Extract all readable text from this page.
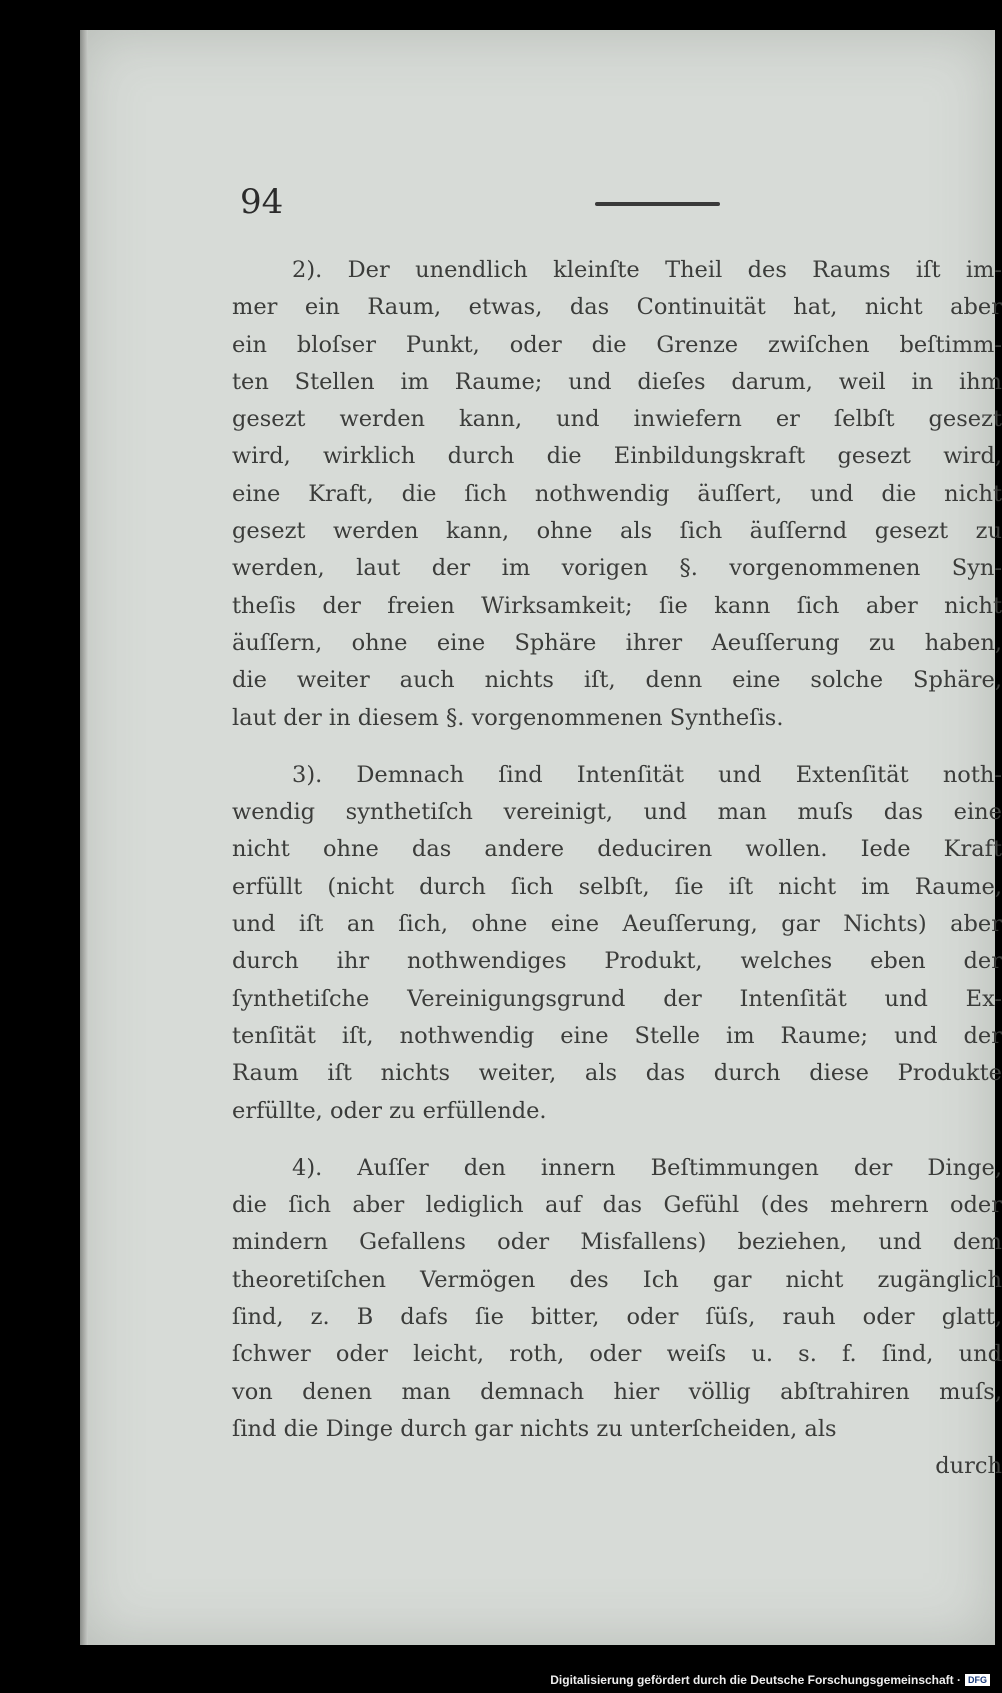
94
2). Der unendlich kleinſte Theil des Raums iſt im-
mer ein Raum, etwas, das Continuität hat, nicht aber
ein bloſser Punkt, oder die Grenze zwiſchen beſtimm-
ten Stellen im Raume; und dieſes darum, weil in ihm
gesezt werden kann, und inwiefern er ſelbſt gesezt
wird, wirklich durch die Einbildungskraft gesezt wird,
eine Kraft, die ſich nothwendig äuſſert, und die nicht
gesezt werden kann, ohne als ſich äuſſernd gesezt zu
werden, laut der im vorigen §. vorgenommenen Syn-
theſis der freien Wirksamkeit; ſie kann ſich aber nicht
äuſſern, ohne eine Sphäre ihrer Aeuſſerung zu haben,
die weiter auch nichts iſt, denn eine solche Sphäre,
laut der in diesem §. vorgenommenen Syntheſis.
3). Demnach ſind Intenſität und Extenſität noth-
wendig synthetiſch vereinigt, und man muſs das eine
nicht ohne das andere deduciren wollen. Iede Kraft
erfüllt (nicht durch ſich selbſt, ſie iſt nicht im Raume,
und iſt an ſich, ohne eine Aeuſſerung, gar Nichts) aber
durch ihr nothwendiges Produkt, welches eben der
ſynthetiſche Vereinigungsgrund der Intenſität und Ex-
tenſität iſt, nothwendig eine Stelle im Raume; und der
Raum iſt nichts weiter, als das durch diese Produkte
erfüllte, oder zu erfüllende.
4). Auſſer den innern Beſtimmungen der Dinge,
die ſich aber lediglich auf das Gefühl (des mehrern oder
mindern Gefallens oder Misfallens) beziehen, und dem
theoretiſchen Vermögen des Ich gar nicht zugänglich
ſind, z. B dafs ſie bitter, oder ſüſs, rauh oder glatt,
ſchwer oder leicht, roth, oder weiſs u. s. f. ſind, und
von denen man demnach hier völlig abſtrahiren muſs,
ſind die Dinge durch gar nichts zu unterſcheiden, als
durch
Digitalisierung gefördert durch die Deutsche Forschungsgemeinschaft · DFG
